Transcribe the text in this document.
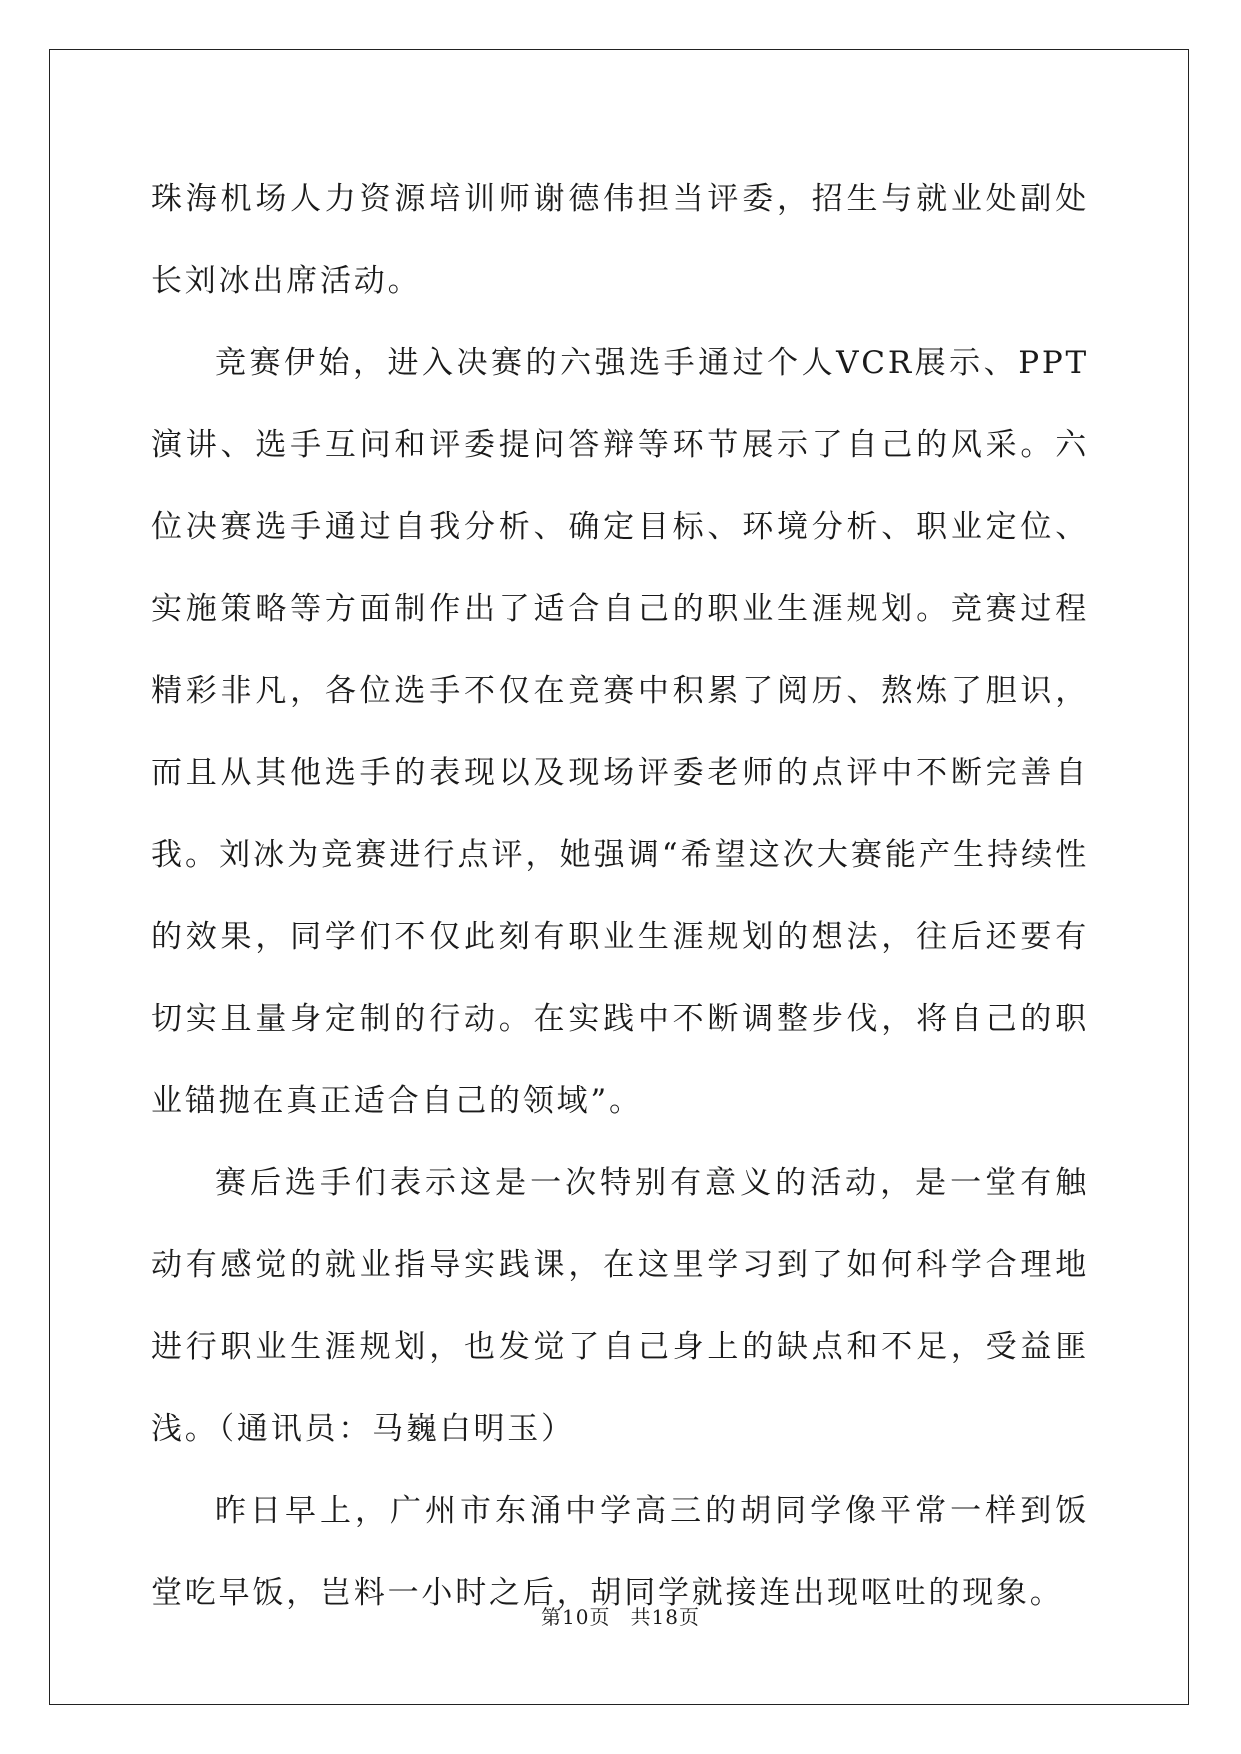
珠海机场人力资源培训师谢德伟担当评委，招生与就业处副处长刘冰出席活动。

竞赛伊始，进入决赛的六强选手通过个人VCR展示、PPT演讲、选手互问和评委提问答辩等环节展示了自己的风采。六位决赛选手通过自我分析、确定目标、环境分析、职业定位、实施策略等方面制作出了适合自己的职业生涯规划。竞赛过程精彩非凡，各位选手不仅在竞赛中积累了阅历、熬炼了胆识，而且从其他选手的表现以及现场评委老师的点评中不断完善自我。刘冰为竞赛进行点评，她强调“希望这次大赛能产生持续性的效果，同学们不仅此刻有职业生涯规划的想法，往后还要有切实且量身定制的行动。在实践中不断调整步伐，将自己的职业锚抛在真正适合自己的领域”。

赛后选手们表示这是一次特别有意义的活动，是一堂有触动有感觉的就业指导实践课，在这里学习到了如何科学合理地进行职业生涯规划，也发觉了自己身上的缺点和不足，受益匪浅。（通讯员：马巍白明玉）

昨日早上，广州市东涌中学高三的胡同学像平常一样到饭堂吃早饭，岂料一小时之后，胡同学就接连出现呕吐的现象。

第10页 共18页
